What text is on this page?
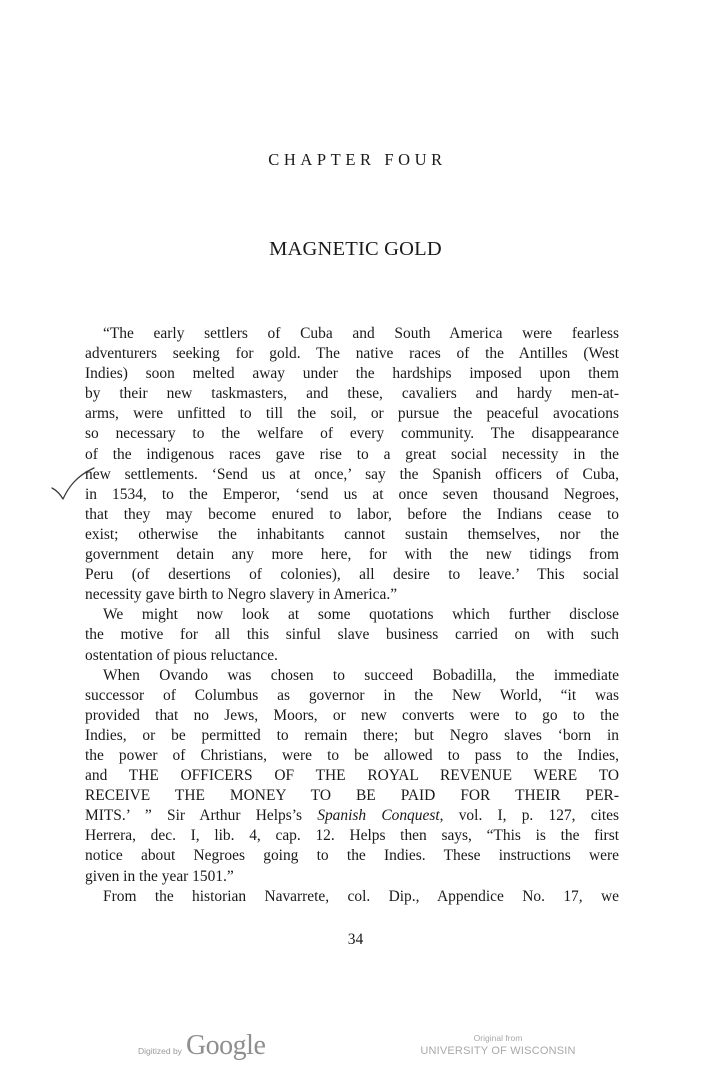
CHAPTER FOUR
MAGNETIC GOLD

“The early settlers of Cuba and South America were fearless
adventurers seeking for gold. The native races of the Antilles (West
Indies) soon melted away under the hardships imposed upon them
by their new taskmasters, and these, cavaliers and hardy men-at-
arms, were unfitted to till the soil, or pursue the peaceful avocations
so necessary to the welfare of every community. The disappearance
of the indigenous races gave rise to a great social necessity in the
new settlements. ‘Send us at once,’ say the Spanish officers of Cuba,
in 1534, to the Emperor, ‘send us at once seven thousand Negroes,
that they may become enured to labor, before the Indians cease to
exist; otherwise the inhabitants cannot sustain themselves, nor the
government detain any more here, for with the new tidings from
Peru (of desertions of colonies), all desire to leave.’ This social
necessity gave birth to Negro slavery in America.”

We might now look at some quotations which further disclose
the motive for all this sinful slave business carried on with such
ostentation of pious reluctance.

When Ovando was chosen to succeed Bobadilla, the immediate
successor of Columbus as governor in the New World, “it was
provided that no Jews, Moors, or new converts were to go to the
Indies, or be permitted to remain there; but Negro slaves ‘born in
the power of Christians, were to be allowed to pass to the Indies,
and THE OFFICERS OF THE ROYAL REVENUE WERE TO
RECEIVE THE MONEY TO BE PAID FOR THEIR PER-
MITS.’ ” Sir Arthur Helps’s Spanish Conquest, vol. I, p. 127, cites
Herrera, dec. I, lib. 4, cap. 12. Helps then says, “This is the first
notice about Negroes going to the Indies. These instructions were
given in the year 1501.”

From the historian Navarrete, col. Dip., Appendice No. 17, we

34
Digitized by Google	Original from
UNIVERSITY OF WISCONSIN
